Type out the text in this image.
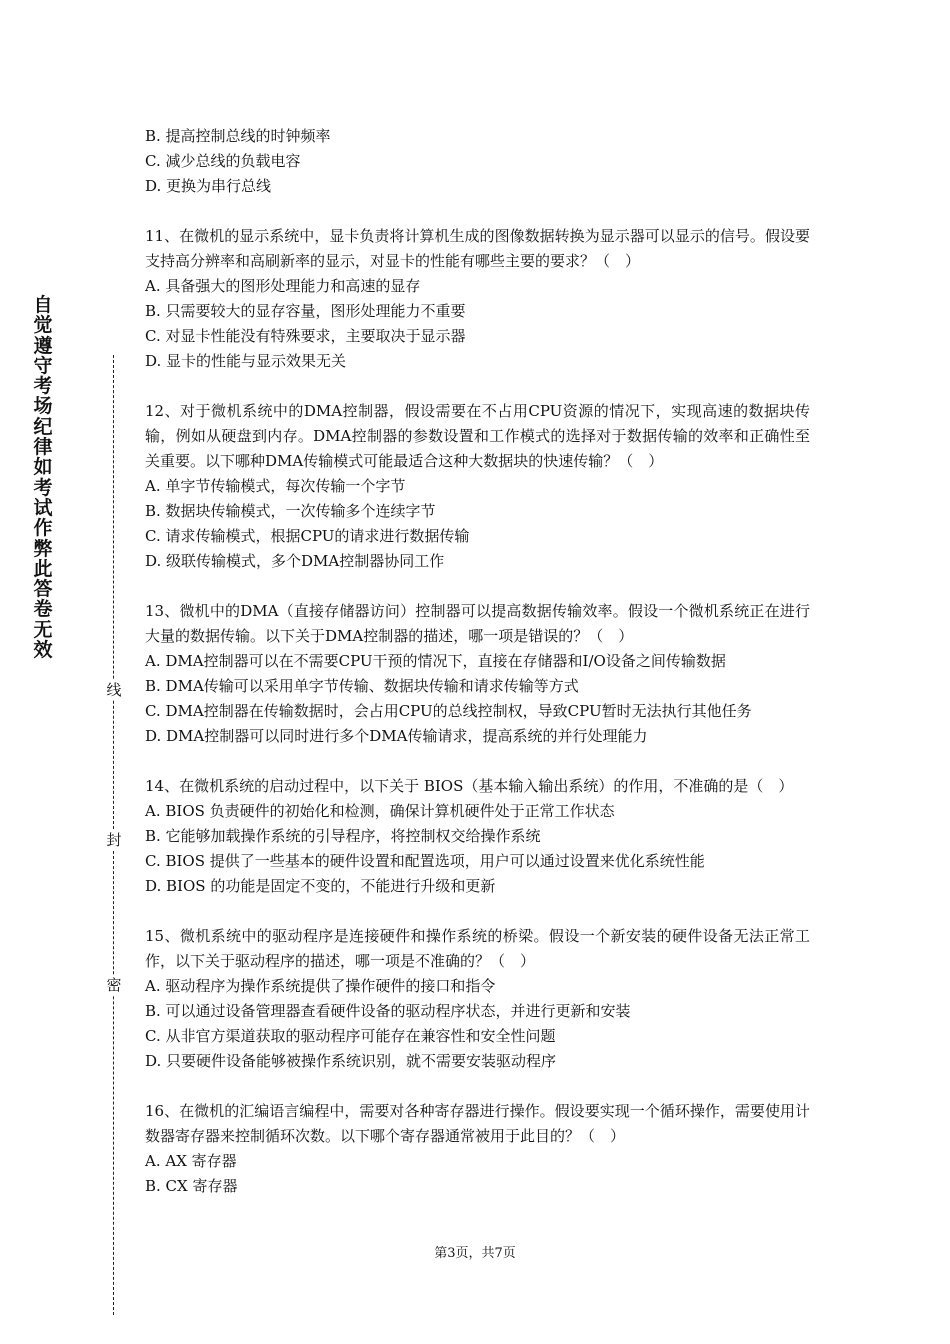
自觉遵守考场纪律如考试作弊此答卷无效
线
封
密

B. 提高控制总线的时钟频率

C. 减少总线的负载电容

D. 更换为串行总线

11、在微机的显示系统中，显卡负责将计算机生成的图像数据转换为显示器可以显示的信号。假设要支持高分辨率和高刷新率的显示，对显卡的性能有哪些主要的要求？（　）

A. 具备强大的图形处理能力和高速的显存

B. 只需要较大的显存容量，图形处理能力不重要

C. 对显卡性能没有特殊要求，主要取决于显示器

D. 显卡的性能与显示效果无关

12、对于微机系统中的DMA控制器，假设需要在不占用CPU资源的情况下，实现高速的数据块传输，例如从硬盘到内存。DMA控制器的参数设置和工作模式的选择对于数据传输的效率和正确性至关重要。以下哪种DMA传输模式可能最适合这种大数据块的快速传输？（　）

A. 单字节传输模式，每次传输一个字节

B. 数据块传输模式，一次传输多个连续字节

C. 请求传输模式，根据CPU的请求进行数据传输

D. 级联传输模式，多个DMA控制器协同工作

13、微机中的DMA（直接存储器访问）控制器可以提高数据传输效率。假设一个微机系统正在进行大量的数据传输。以下关于DMA控制器的描述，哪一项是错误的？（　）

A. DMA控制器可以在不需要CPU干预的情况下，直接在存储器和I/O设备之间传输数据

B. DMA传输可以采用单字节传输、数据块传输和请求传输等方式

C. DMA控制器在传输数据时，会占用CPU的总线控制权，导致CPU暂时无法执行其他任务

D. DMA控制器可以同时进行多个DMA传输请求，提高系统的并行处理能力

14、在微机系统的启动过程中，以下关于 BIOS（基本输入输出系统）的作用，不准确的是（　）

A. BIOS 负责硬件的初始化和检测，确保计算机硬件处于正常工作状态

B. 它能够加载操作系统的引导程序，将控制权交给操作系统

C. BIOS 提供了一些基本的硬件设置和配置选项，用户可以通过设置来优化系统性能

D. BIOS 的功能是固定不变的，不能进行升级和更新

15、微机系统中的驱动程序是连接硬件和操作系统的桥梁。假设一个新安装的硬件设备无法正常工作，以下关于驱动程序的描述，哪一项是不准确的？（　）

A. 驱动程序为操作系统提供了操作硬件的接口和指令

B. 可以通过设备管理器查看硬件设备的驱动程序状态，并进行更新和安装

C. 从非官方渠道获取的驱动程序可能存在兼容性和安全性问题

D. 只要硬件设备能够被操作系统识别，就不需要安装驱动程序

16、在微机的汇编语言编程中，需要对各种寄存器进行操作。假设要实现一个循环操作，需要使用计数器寄存器来控制循环次数。以下哪个寄存器通常被用于此目的？（　）

A. AX 寄存器

B. CX 寄存器

第3页，共7页
